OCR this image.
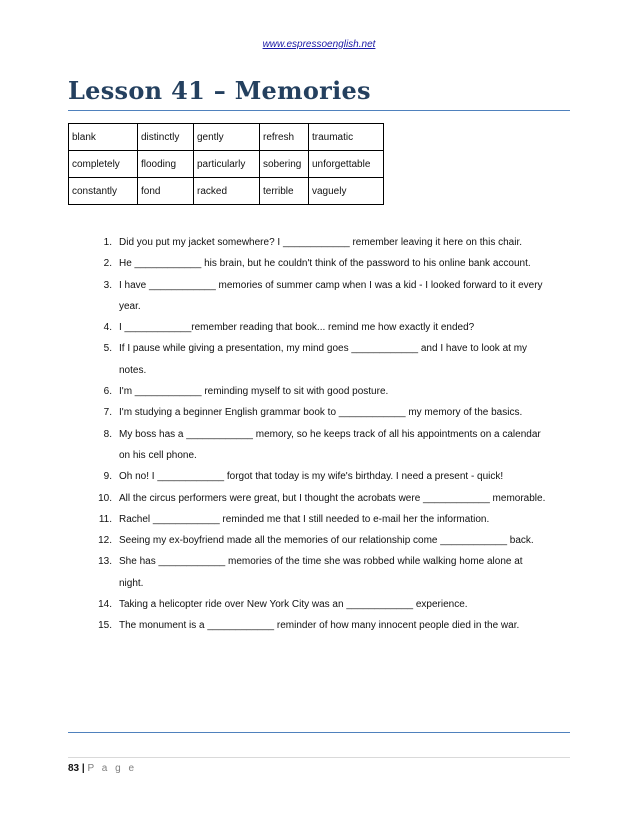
www.espressoenglish.net
Lesson 41 – Memories
blank	distinctly	gently	refresh	traumatic
completely	flooding	particularly	sobering	unforgettable
constantly	fond	racked	terrible	vaguely
1. Did you put my jacket somewhere? I ____________ remember leaving it here on this chair.
2. He ____________ his brain, but he couldn't think of the password to his online bank account.
3. I have ____________ memories of summer camp when I was a kid - I looked forward to it every year.
4. I ____________remember reading that book... remind me how exactly it ended?
5. If I pause while giving a presentation, my mind goes ____________ and I have to look at my notes.
6. I'm ____________ reminding myself to sit with good posture.
7. I'm studying a beginner English grammar book to ____________ my memory of the basics.
8. My boss has a ____________ memory, so he keeps track of all his appointments on a calendar on his cell phone.
9. Oh no! I ____________ forgot that today is my wife's birthday. I need a present - quick!
10. All the circus performers were great, but I thought the acrobats were ____________ memorable.
11. Rachel ____________ reminded me that I still needed to e-mail her the information.
12. Seeing my ex-boyfriend made all the memories of our relationship come ____________ back.
13. She has ____________ memories of the time she was robbed while walking home alone at night.
14. Taking a helicopter ride over New York City was an ____________ experience.
15. The monument is a ____________ reminder of how many innocent people died in the war.
83 | P a g e
